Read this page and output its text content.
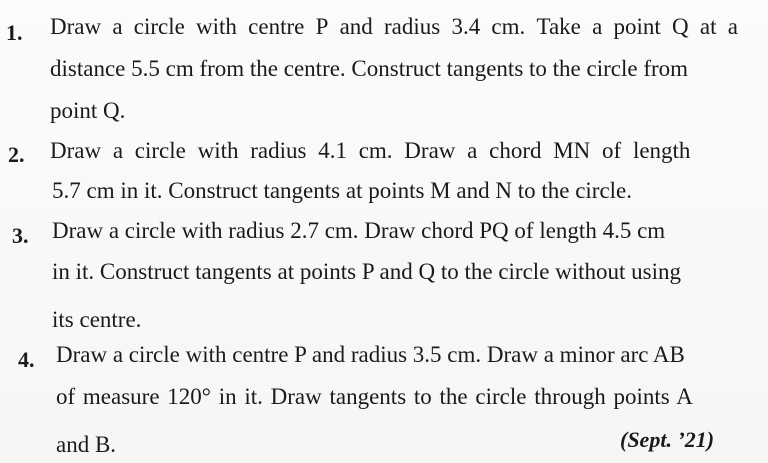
1. Draw a circle with centre P and radius 3.4 cm. Take a point Q at a
distance 5.5 cm from the centre. Construct tangents to the circle from
point Q.
2. Draw a circle with radius 4.1 cm. Draw a chord MN of length
5.7 cm in it. Construct tangents at points M and N to the circle.
3. Draw a circle with radius 2.7 cm. Draw chord PQ of length 4.5 cm
in it. Construct tangents at points P and Q to the circle without using
its centre.
4. Draw a circle with centre P and radius 3.5 cm. Draw a minor arc AB
of measure 120° in it. Draw tangents to the circle through points A
and B.	(Sept. ’21)
